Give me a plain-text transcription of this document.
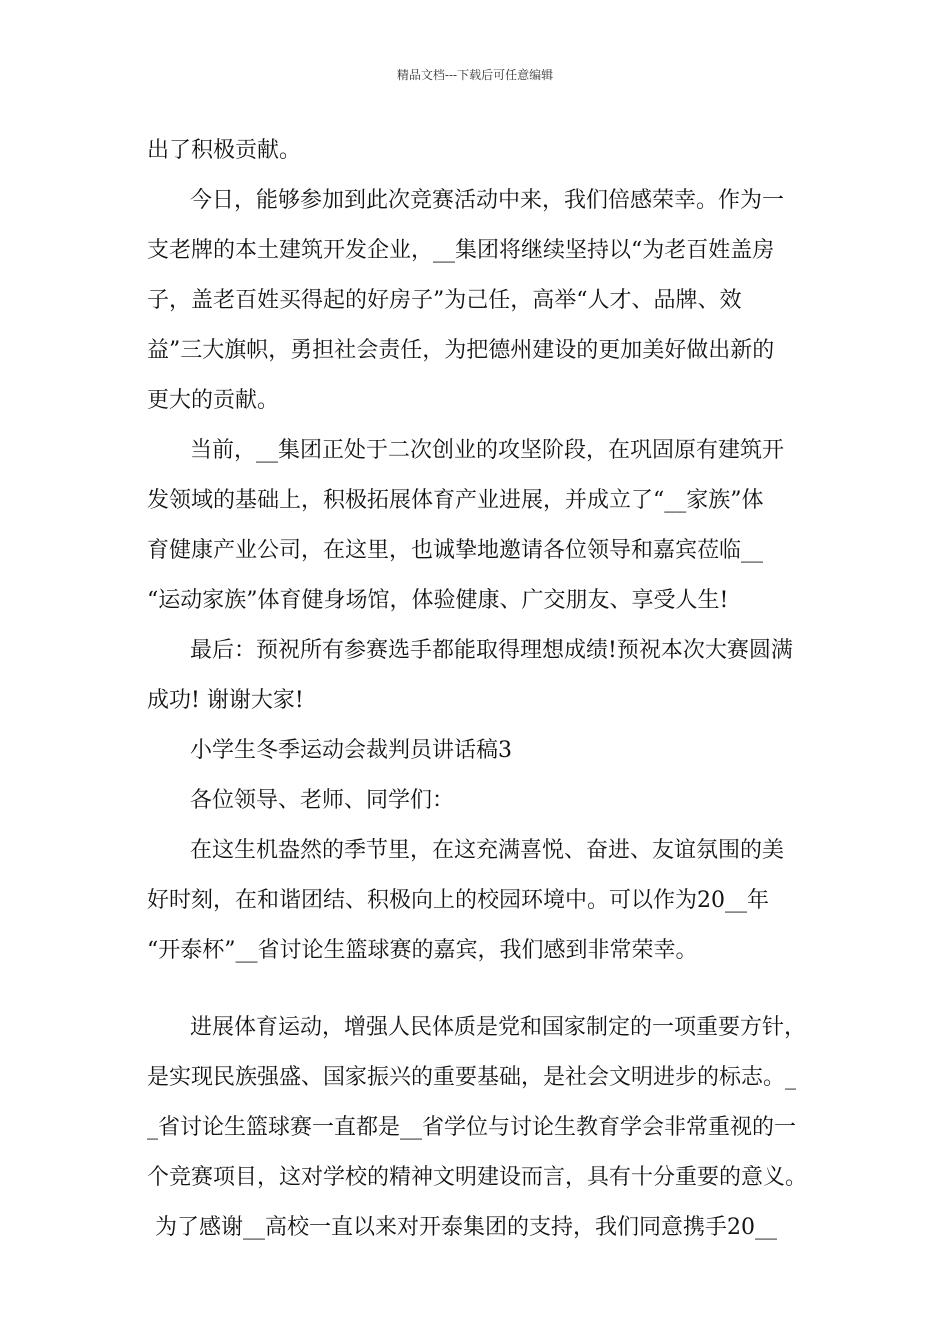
精品文档---下载后可任意编辑
出了积极贡献。
今日，能够参加到此次竞赛活动中来，我们倍感荣幸。作为一
支老牌的本土建筑开发企业，__集团将继续坚持以“为老百姓盖房
子，盖老百姓买得起的好房子”为己任，高举“人才、品牌、效
益”三大旗帜，勇担社会责任，为把德州建设的更加美好做出新的
更大的贡献。
当前，__集团正处于二次创业的攻坚阶段，在巩固原有建筑开
发领域的基础上，积极拓展体育产业进展，并成立了“__家族”体
育健康产业公司，在这里，也诚挚地邀请各位领导和嘉宾莅临__
“运动家族”体育健身场馆，体验健康、广交朋友、享受人生!
最后：预祝所有参赛选手都能取得理想成绩!预祝本次大赛圆满
成功! 谢谢大家!
小学生冬季运动会裁判员讲话稿3
各位领导、老师、同学们：
在这生机盎然的季节里，在这充满喜悦、奋进、友谊氛围的美
好时刻，在和谐团结、积极向上的校园环境中。可以作为20__年
“开泰杯”__省讨论生篮球赛的嘉宾，我们感到非常荣幸。
进展体育运动，增强人民体质是党和国家制定的一项重要方针，
是实现民族强盛、国家振兴的重要基础，是社会文明进步的标志。_
_省讨论生篮球赛一直都是__省学位与讨论生教育学会非常重视的一
个竞赛项目，这对学校的精神文明建设而言，具有十分重要的意义。
为了感谢__高校一直以来对开泰集团的支持，我们同意携手20__
